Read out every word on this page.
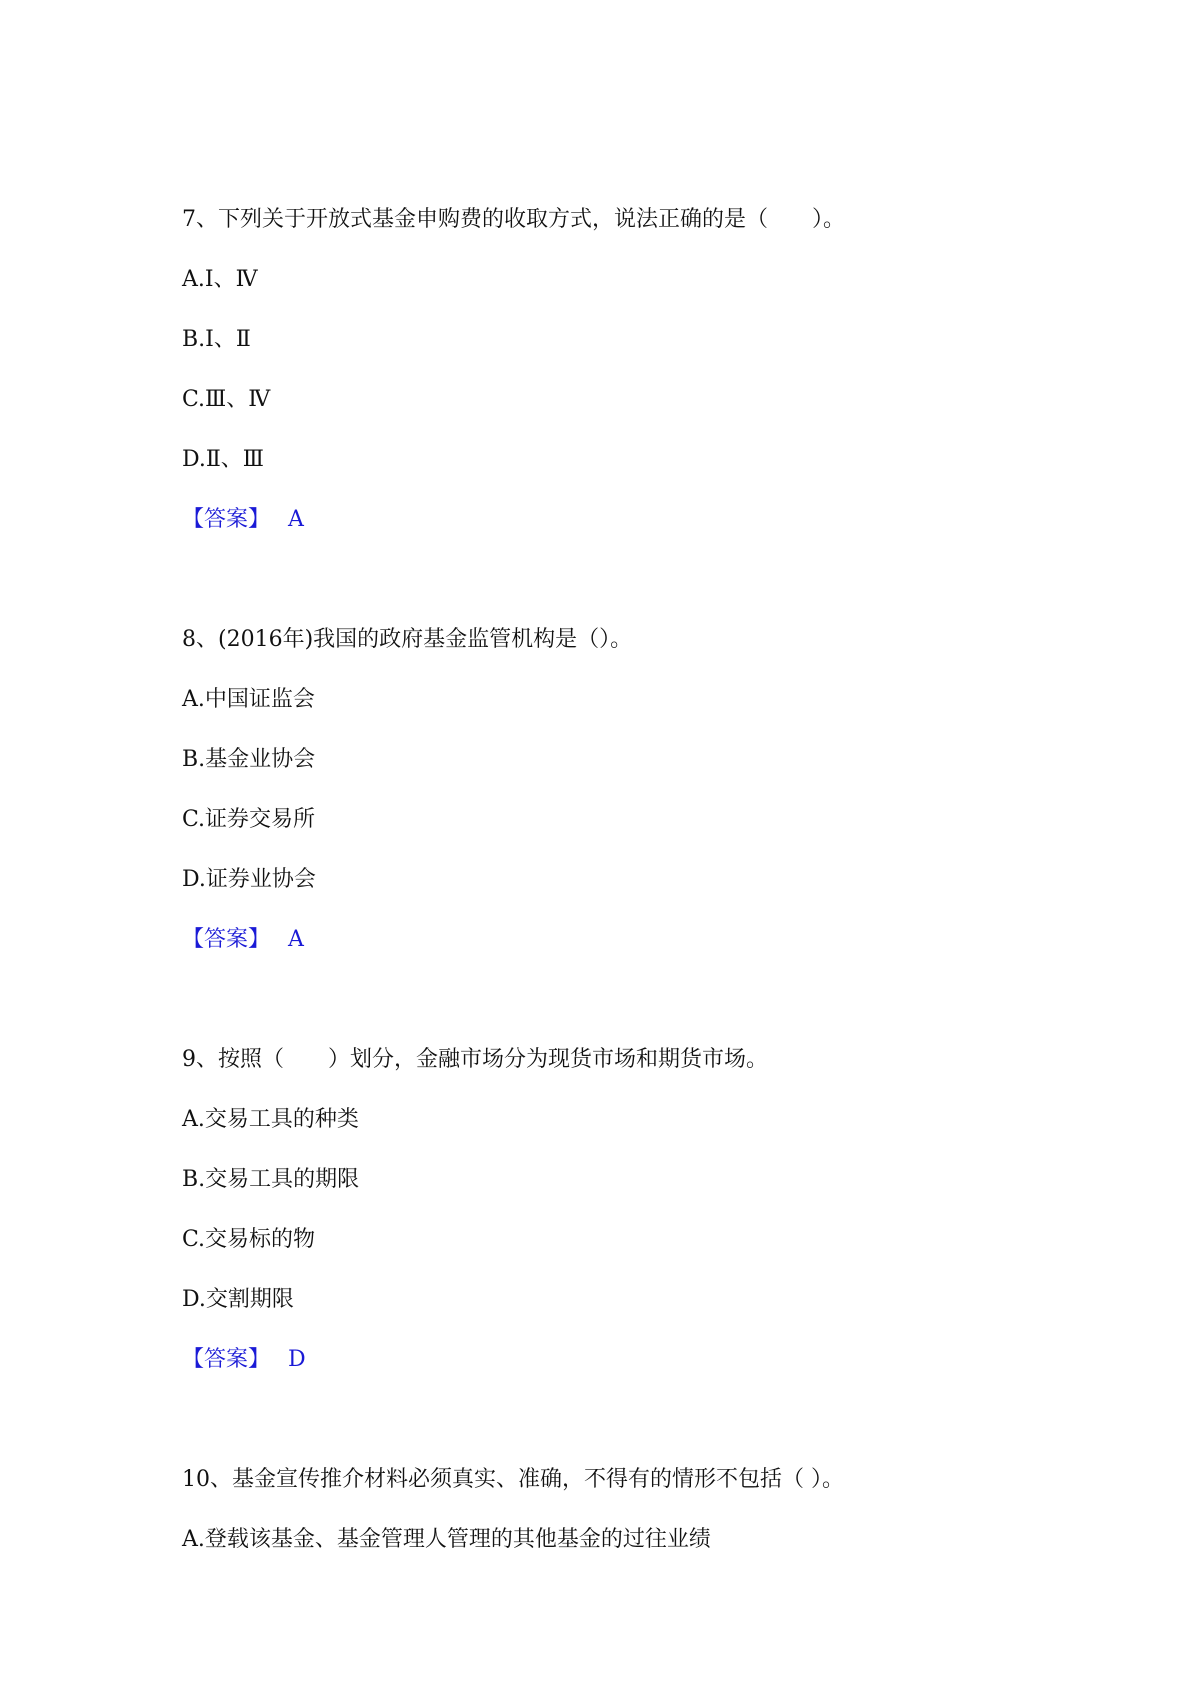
7、下列关于开放式基金申购费的收取方式，说法正确的是（　　）。
A.Ⅰ、Ⅳ
B.Ⅰ、Ⅱ
C.Ⅲ、Ⅳ
D.Ⅱ、Ⅲ
【答案】 A
8、(2016年)我国的政府基金监管机构是（）。
A.中国证监会
B.基金业协会
C.证券交易所
D.证券业协会
【答案】 A
9、按照（　　）划分，金融市场分为现货市场和期货市场。
A.交易工具的种类
B.交易工具的期限
C.交易标的物
D.交割期限
【答案】 D
10、基金宣传推介材料必须真实、准确，不得有的情形不包括（ ）。
A.登载该基金、基金管理人管理的其他基金的过往业绩
